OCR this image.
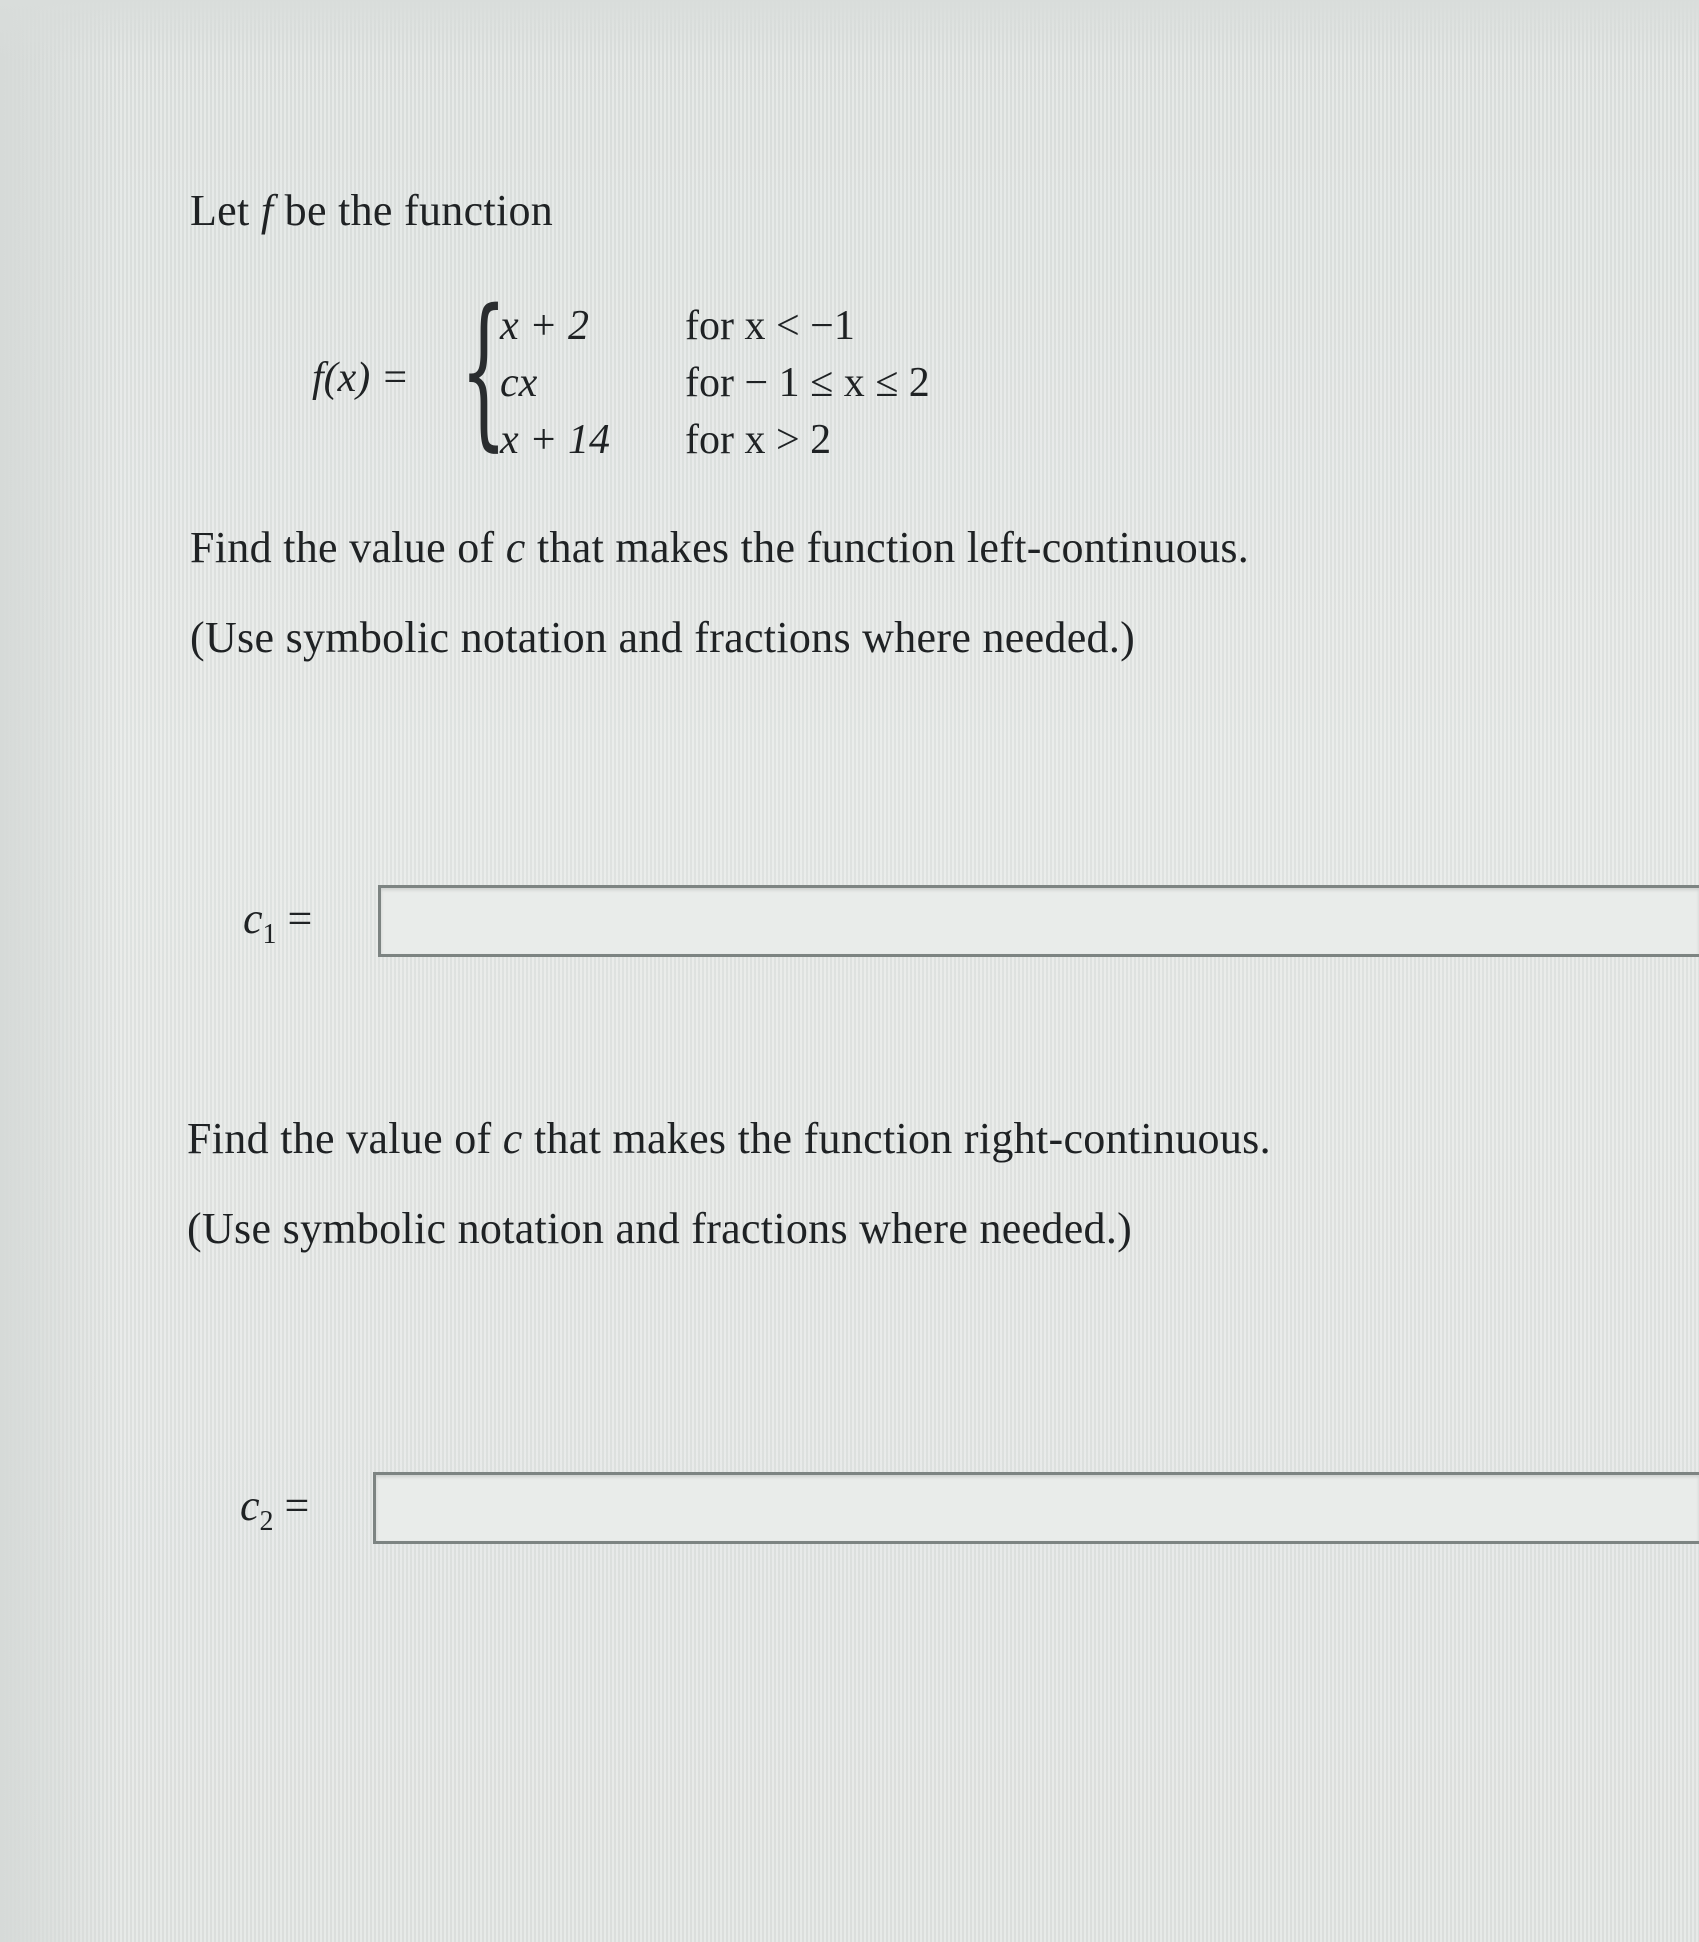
Let f be the function
f(x) = {
x + 2 for x < −1
cx	for − 1 ≤ x ≤ 2
x + 14 for x > 2
Find the value of c that makes the function left-continuous.
(Use symbolic notation and fractions where needed.)
$c_1$ =
Find the value of c that makes the function right-continuous.
(Use symbolic notation and fractions where needed.)
$c_2$ =
